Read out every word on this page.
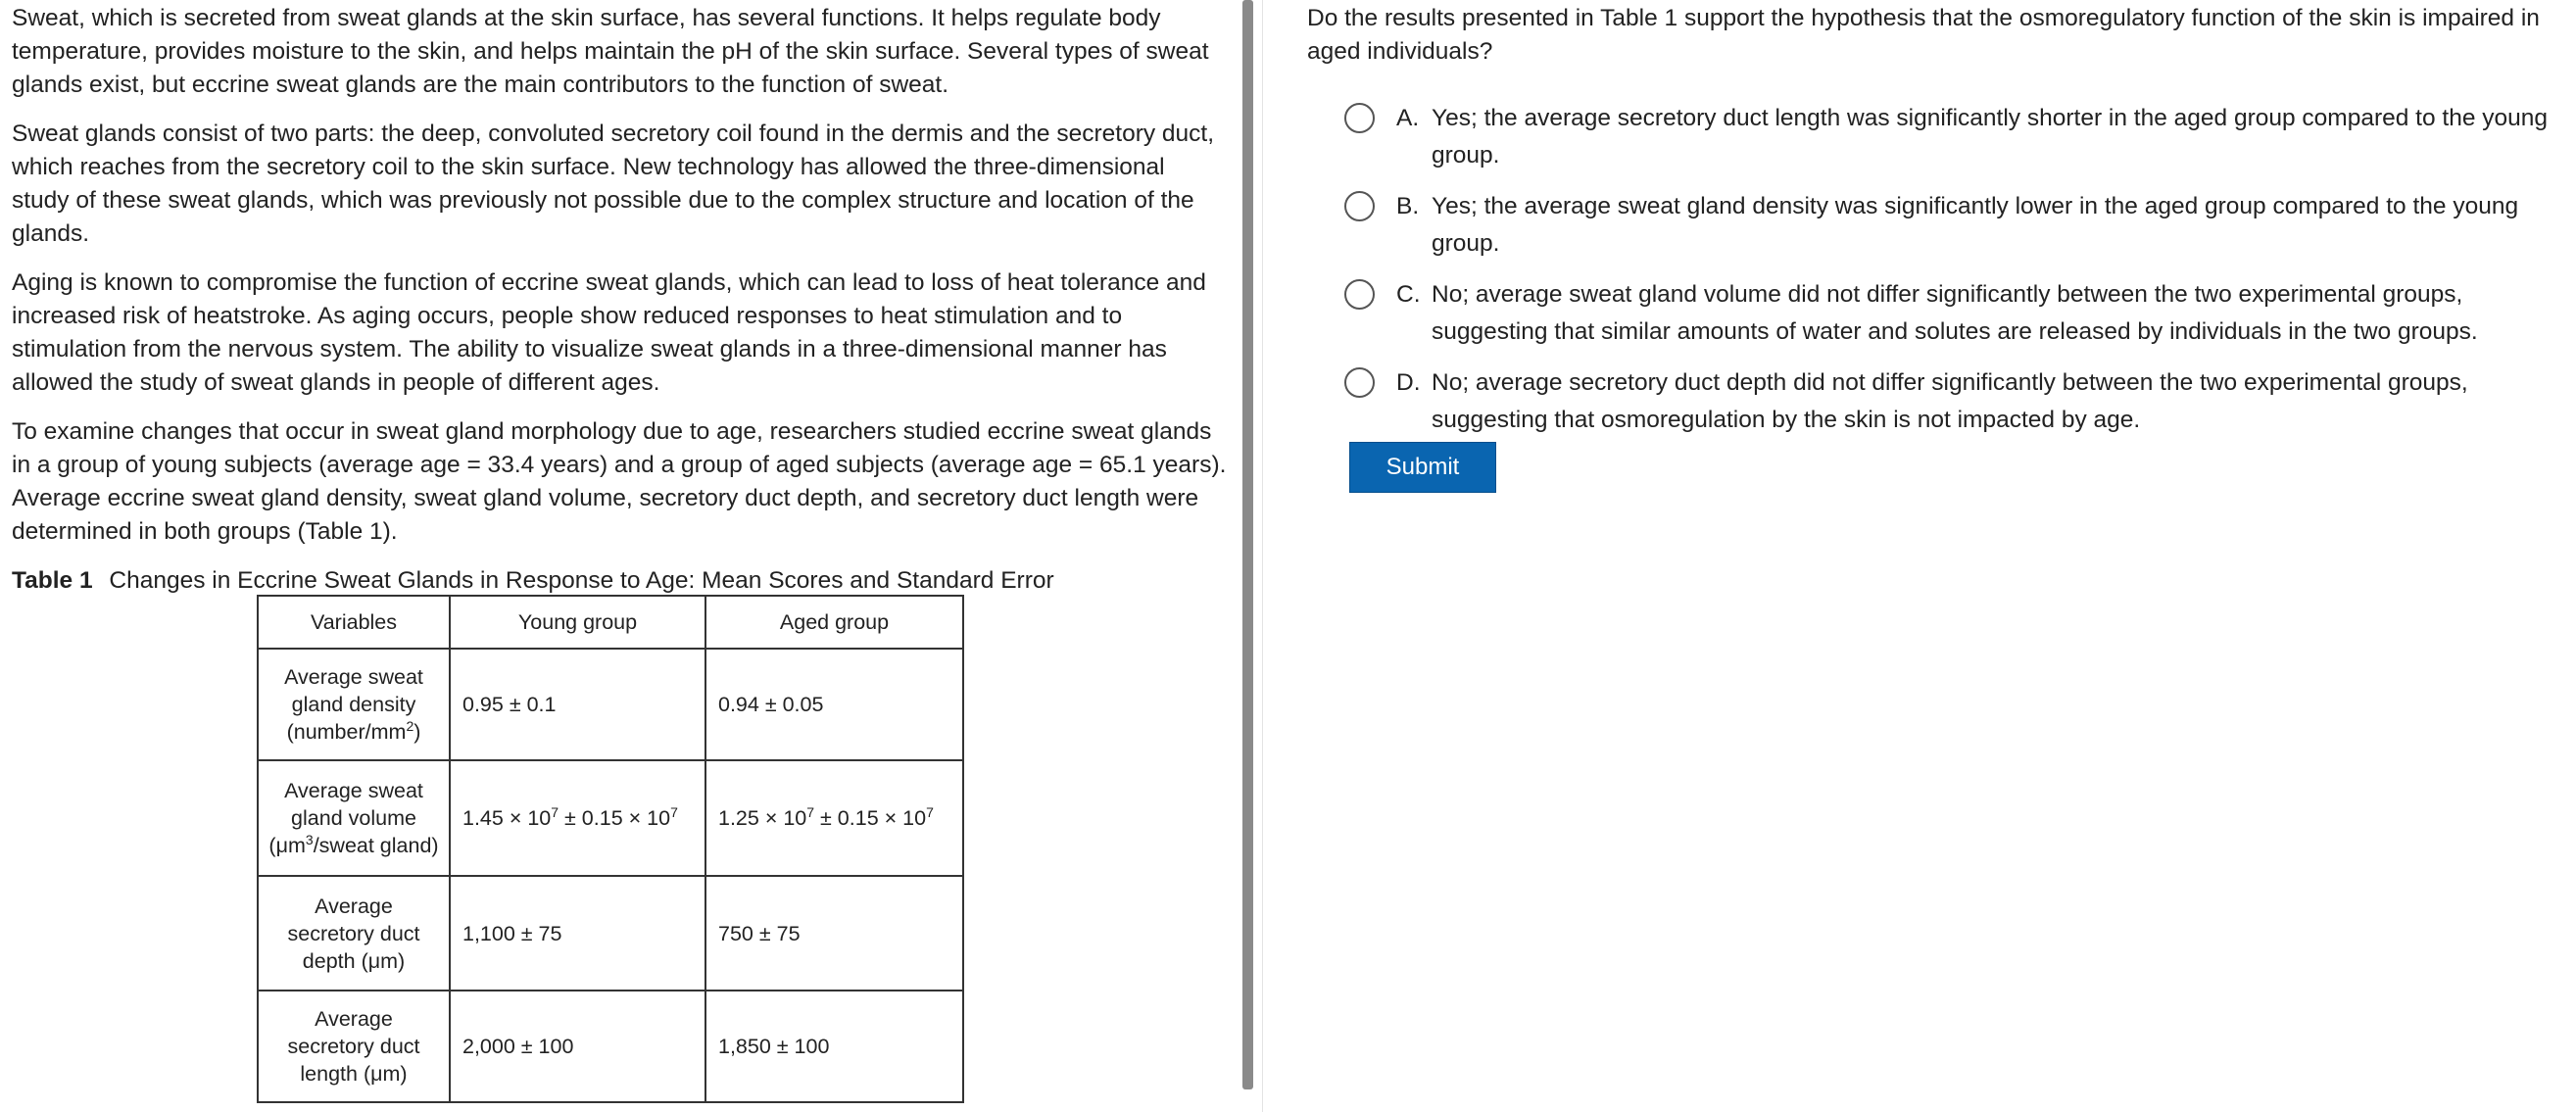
Sweat, which is secreted from sweat glands at the skin surface, has several functions. It helps regulate body temperature, provides moisture to the skin, and helps maintain the pH of the skin surface. Several types of sweat glands exist, but eccrine sweat glands are the main contributors to the function of sweat.

Sweat glands consist of two parts: the deep, convoluted secretory coil found in the dermis and the secretory duct, which reaches from the secretory coil to the skin surface. New technology has allowed the three-dimensional study of these sweat glands, which was previously not possible due to the complex structure and location of the glands.

Aging is known to compromise the function of eccrine sweat glands, which can lead to loss of heat tolerance and increased risk of heatstroke. As aging occurs, people show reduced responses to heat stimulation and to stimulation from the nervous system. The ability to visualize sweat glands in a three-dimensional manner has allowed the study of sweat glands in people of different ages.

To examine changes that occur in sweat gland morphology due to age, researchers studied eccrine sweat glands in a group of young subjects (average age = 33.4 years) and a group of aged subjects (average age = 65.1 years). Average eccrine sweat gland density, sweat gland volume, secretory duct depth, and secretory duct length were determined in both groups (Table 1).

Table 1 Changes in Eccrine Sweat Glands in Response to Age: Mean Scores and Standard Error
Variables	Young group	Aged group
Average sweat
gland density
$(number/mm^2)$	0.95 ± 0.1	0.94 ± 0.05
Average sweat
gland volume
($\mu m^3$/sweat gland)	$1.45 \times 10^7 \pm 0.15 \times 10^7$	$1.25 \times 10^7 \pm 0.15 \times 10^7$
Average
secretory duct
depth (μm)	1,100 ± 75	750 ± 75
Average
secretory duct
length (μm)	2,000 ± 100	1,850 ± 100

Do the results presented in Table 1 support the hypothesis that the osmoregulatory function of the skin is impaired in aged individuals?

A. Yes; the average secretory duct length was significantly shorter in the aged group compared to the young group.
B. Yes; the average sweat gland density was significantly lower in the aged group compared to the young group.
C. No; average sweat gland volume did not differ significantly between the two experimental groups, suggesting that similar amounts of water and solutes are released by individuals in the two groups.
D. No; average secretory duct depth did not differ significantly between the two experimental groups, suggesting that osmoregulation by the skin is not impacted by age.
Submit
